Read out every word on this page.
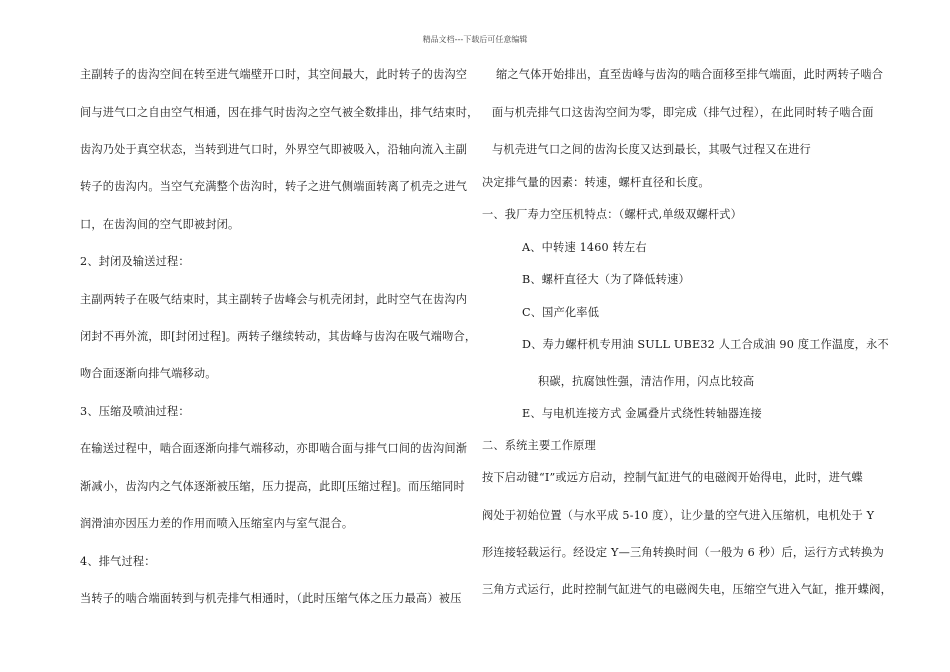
精品文档---下载后可任意编辑
主副转子的齿沟空间在转至进气端壁开口时，其空间最大，此时转子的齿沟空
间与进气口之自由空气相通，因在排气时齿沟之空气被全数排出，排气结束时，
齿沟乃处于真空状态，当转到进气口时，外界空气即被吸入，沿轴向流入主副
转子的齿沟内。当空气充满整个齿沟时，转子之进气侧端面转离了机壳之进气
口，在齿沟间的空气即被封闭。
2、封闭及输送过程：
主副两转子在吸气结束时，其主副转子齿峰会与机壳闭封，此时空气在齿沟内
闭封不再外流，即[封闭过程]。两转子继续转动，其齿峰与齿沟在吸气端吻合，
吻合面逐渐向排气端移动。
3、压缩及喷油过程：
在输送过程中，啮合面逐渐向排气端移动，亦即啮合面与排气口间的齿沟间渐
渐减小，齿沟内之气体逐渐被压缩，压力提高，此即[压缩过程]。而压缩同时
润滑油亦因压力差的作用而喷入压缩室内与室气混合。
4、排气过程：
当转子的啮合端面转到与机壳排气相通时，（此时压缩气体之压力最高）被压
缩之气体开始排出，直至齿峰与齿沟的啮合面移至排气端面，此时两转子啮合
面与机壳排气口这齿沟空间为零，即完成（排气过程），在此同时转子啮合面
与机壳进气口之间的齿沟长度又达到最长，其吸气过程又在进行
决定排气量的因素：转速，螺杆直径和长度。
一、我厂寿力空压机特点：（螺杆式,单级双螺杆式）
A、中转速 1460 转左右
B、螺杆直径大（为了降低转速）
C、国产化率低
D、寿力螺杆机专用油 SULL UBE32 人工合成油 90 度工作温度，永不
积碳，抗腐蚀性强，清洁作用，闪点比较高
E、与电机连接方式 金属叠片式绕性转轴器连接
二、系统主要工作原理
按下启动键“I”或远方启动，控制气缸进气的电磁阀开始得电，此时，进气蝶
阀处于初始位置（与水平成 5-10 度），让少量的空气进入压缩机，电机处于 Y
形连接轻载运行。经设定 Y—三角转换时间（一般为 6 秒）后，运行方式转换为
三角方式运行，此时控制气缸进气的电磁阀失电，压缩空气进入气缸，推开蝶阀，
